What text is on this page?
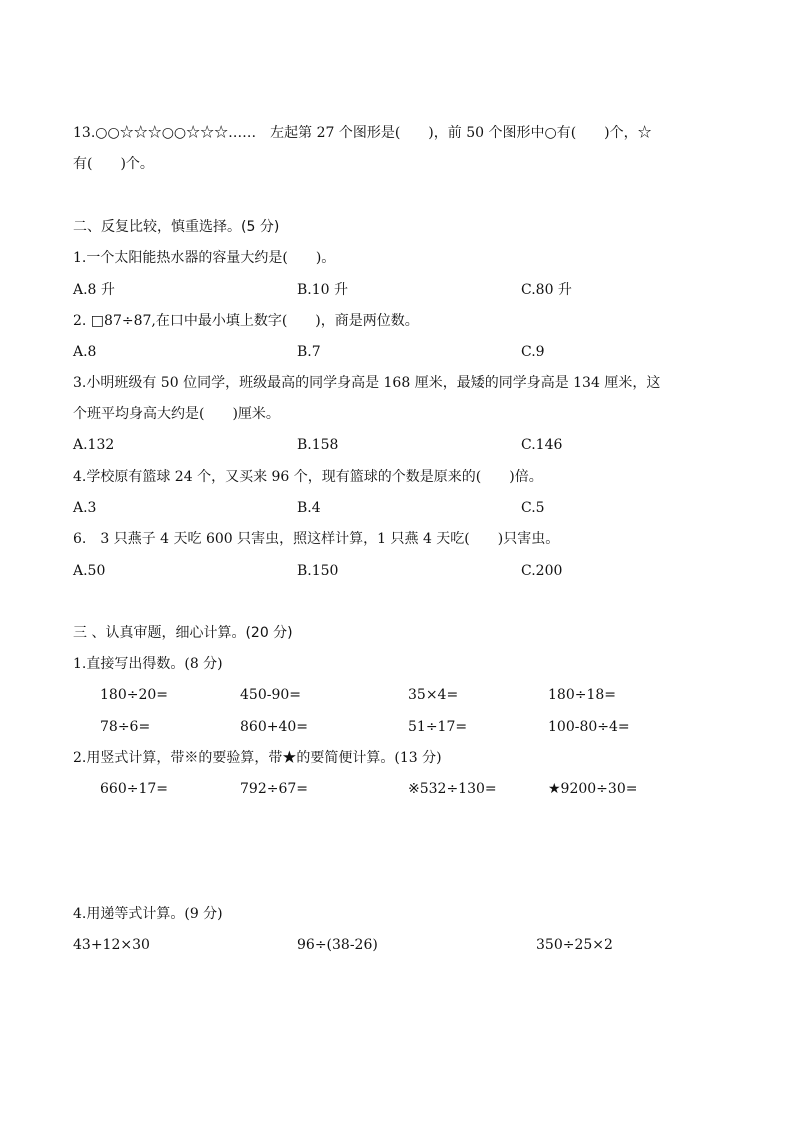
13.○○☆☆☆○○☆☆☆……　左起第 27 个图形是(　　)，前 50 个图形中○有(　　)个，☆
有(　　)个。
二、反复比较，慎重选择。(5 分)
1.一个太阳能热水器的容量大约是(　　)。
A.8 升	B.10 升	C.80 升
2. □87÷87,在口中最小填上数字(　　)，商是两位数。
A.8	B.7	C.9
3.小明班级有 50 位同学，班级最高的同学身高是 168 厘米，最矮的同学身高是 134 厘米，这
个班平均身高大约是(　　)厘米。
A.132	B.158	C.146
4.学校原有篮球 24 个，又买来 96 个，现有篮球的个数是原来的(　　)倍。
A.3	B.4	C.5
6.　3 只燕子 4 天吃 600 只害虫，照这样计算，1 只燕 4 天吃(　　)只害虫。
A.50	B.150	C.200
三 、认真审题，细心计算。(20 分)
1.直接写出得数。(8 分)
180÷20=	450-90=	35×4=	180÷18=
78÷6=	860+40=	51÷17=	100-80÷4=
2.用竖式计算，带※的要验算，带★的要简便计算。(13 分)
660÷17=	792÷67=	※532÷130=	★9200÷30=
4.用递等式计算。(9 分)
43+12×30	96÷(38-26)	350÷25×2
